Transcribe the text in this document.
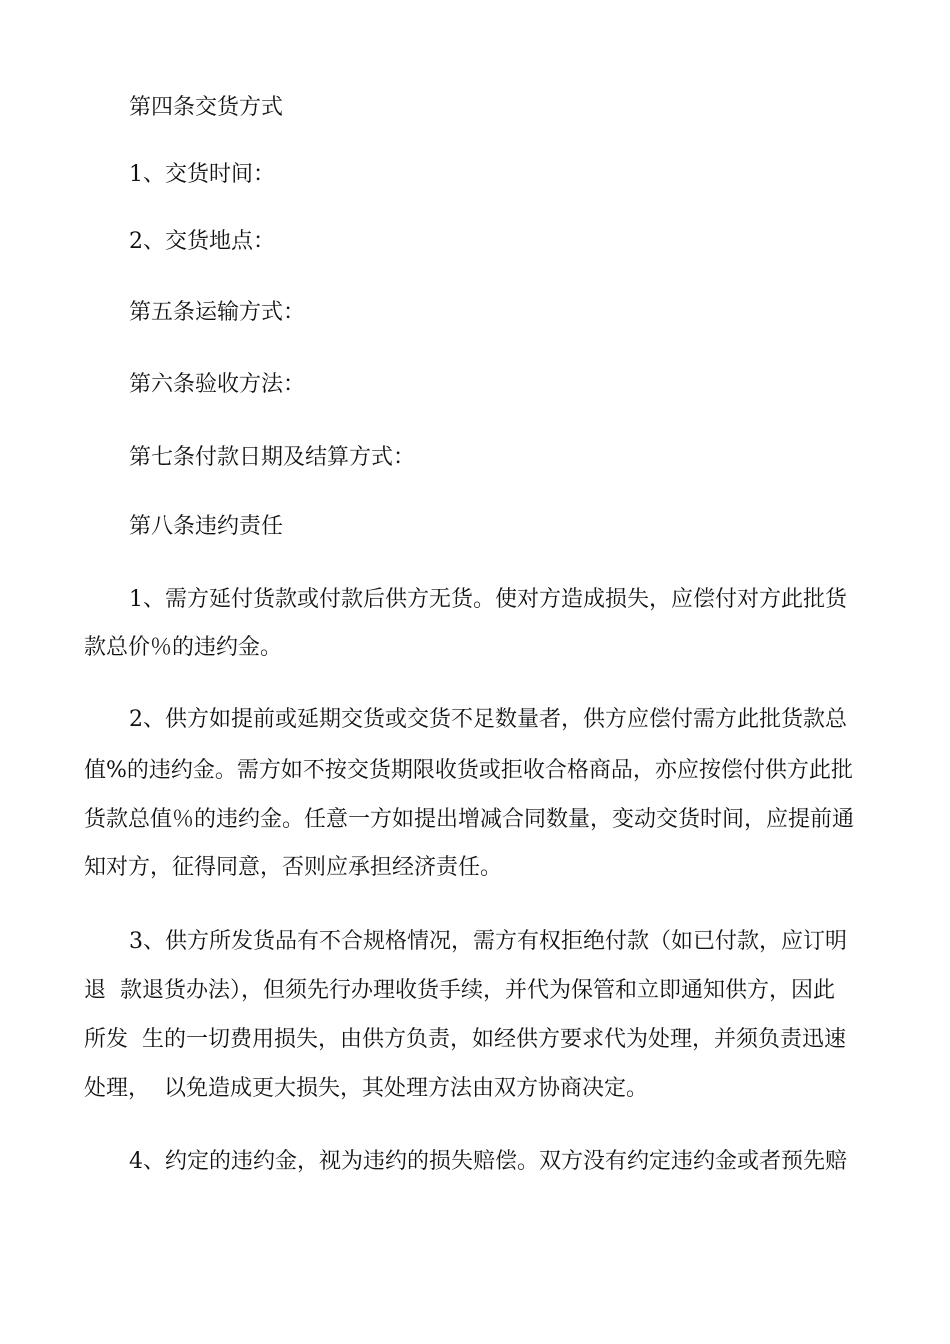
第四条交货方式
1、交货时间：
2、交货地点：
第五条运输方式：
第六条验收方法：
第七条付款日期及结算方式：
第八条违约责任
1、需方延付货款或付款后供方无货。使对方造成损失，应偿付对方此批货
款总价％的违约金。
2、供方如提前或延期交货或交货不足数量者，供方应偿付需方此批货款总
值%的违约金。需方如不按交货期限收货或拒收合格商品，亦应按偿付供方此批
货款总值％的违约金。任意一方如提出增减合同数量，变动交货时间，应提前通
知对方，征得同意，否则应承担经济责任。
3、供方所发货品有不合规格情况，需方有权拒绝付款（如已付款，应订明
退  款退货办法），但须先行办理收货手续，并代为保管和立即通知供方，因此
所发  生的一切费用损失，由供方负责，如经供方要求代为处理，并须负责迅速
处理，  以免造成更大损失，其处理方法由双方协商决定。
4、约定的违约金，视为违约的损失赔偿。双方没有约定违约金或者预先赔
